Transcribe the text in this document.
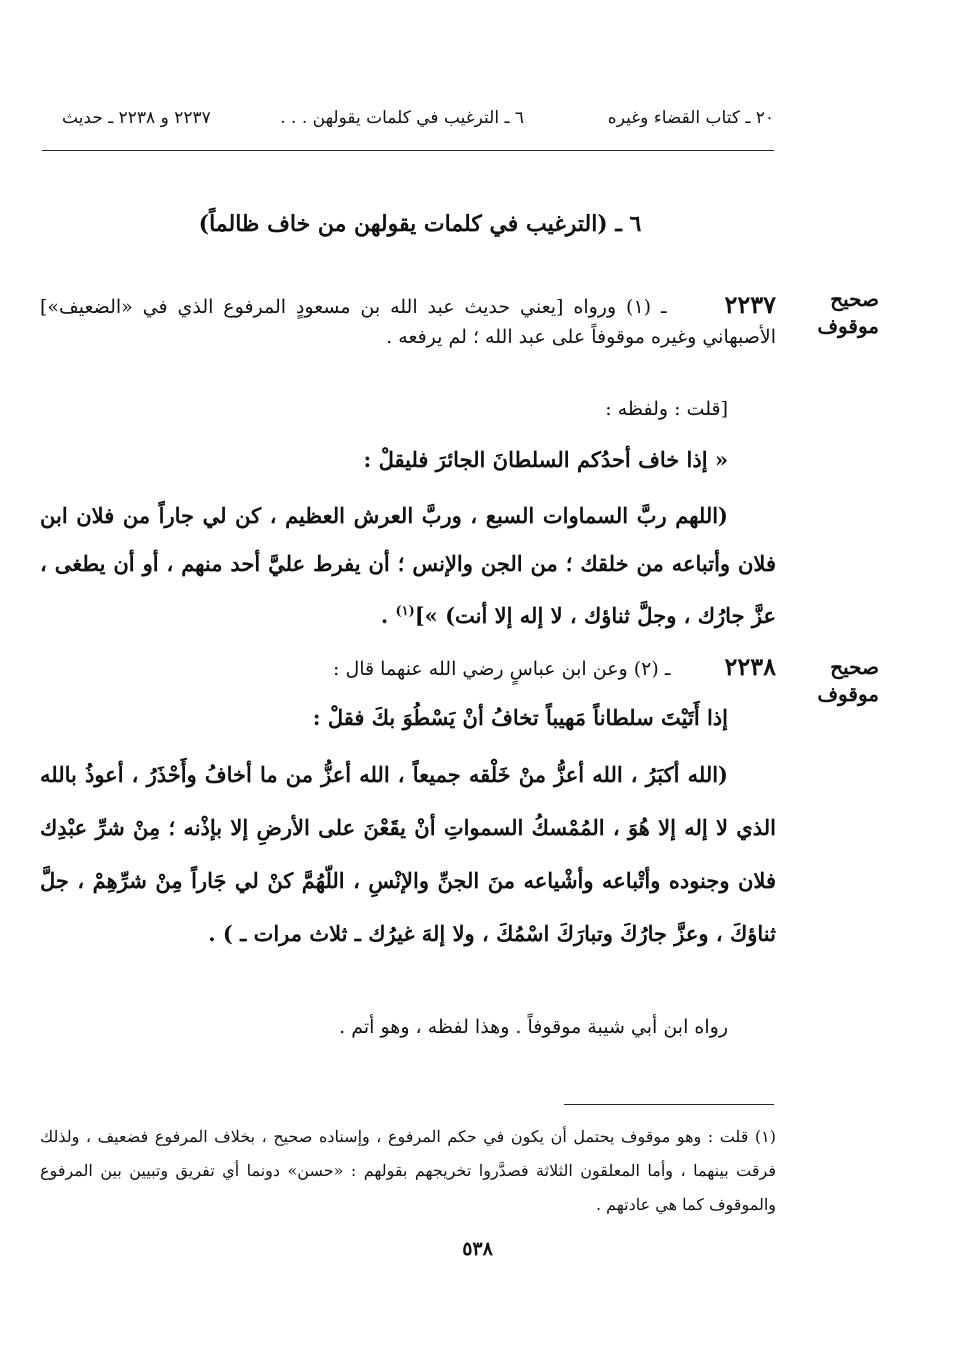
٢٠ ـ كتاب القضاء وغيره
٦ ـ الترغيب في كلمات يقولهن . . .
٢٢٣٧ و ٢٢٣٨ ـ حديث
٦ ـ (الترغيب في كلمات يقولهن من خاف ظالماً)
صحيح
موقوف
٢٢٣٧ ـ (١) ورواه [يعني حديث عبد الله بن مسعودٍ المرفوع الذي في «الضعيف»] الأصبهاني وغيره موقوفاً على عبد الله ؛ لم يرفعه .
[قلت : ولفظه :
« إذا خاف أحدُكم السلطانَ الجائرَ فليقلْ :
(اللهم ربَّ السماوات السبع ، وربَّ العرش العظيم ، كن لي جاراً من فلان ابن فلان وأتباعه من خلقك ؛ من الجن والإنس ؛ أن يفرط عليَّ أحد منهم ، أو أن يطغى ، عزَّ جارُك ، وجلَّ ثناؤك ، لا إله إلا أنت) »]$^{(١)}$ .
صحيح
موقوف
٢٢٣٨ ـ (٢) وعن ابن عباسٍ رضي الله عنهما قال :
إذا أَتَيْتَ سلطاناً مَهيباً تخافُ أنْ يَسْطُوَ بكَ فقلْ :
(الله أكبَرُ ، الله أعزُّ منْ خَلْقه جميعاً ، الله أعزُّ من ما أخافُ وأَحْذَرُ ، أعوذُ بالله الذي لا إله إلا هُوَ ، المُمْسكُ السمواتِ أنْ يقَعْنَ على الأرضِ إلا بإذْنه ؛ مِنْ شرِّ عبْدِك فلان وجنوده وأتْباعه وأشْياعه منَ الجنِّ والإنْسِ ، اللّهُمَّ كنْ لي جَاراً مِنْ شرِّهِمْ ، جلَّ ثناؤكَ ، وعزَّ جارُكَ وتبارَكَ اسْمُكَ ، ولا إلهَ غيرُك ـ ثلاث مرات ـ ) .
رواه ابن أبي شيبة موقوفاً . وهذا لفظه ، وهو أتم .
(١) قلت : وهو موقوف يحتمل أن يكون في حكم المرفوع ، وإسناده صحيح ، بخلاف المرفوع فضعيف ، ولذلك فرقت بينهما ، وأما المعلقون الثلاثة فصدَّروا تخريجهم بقولهم : «حسن» دونما أي تفريق وتبيين بين المرفوع والموقوف كما هي عادتهم .
٥٣٨
